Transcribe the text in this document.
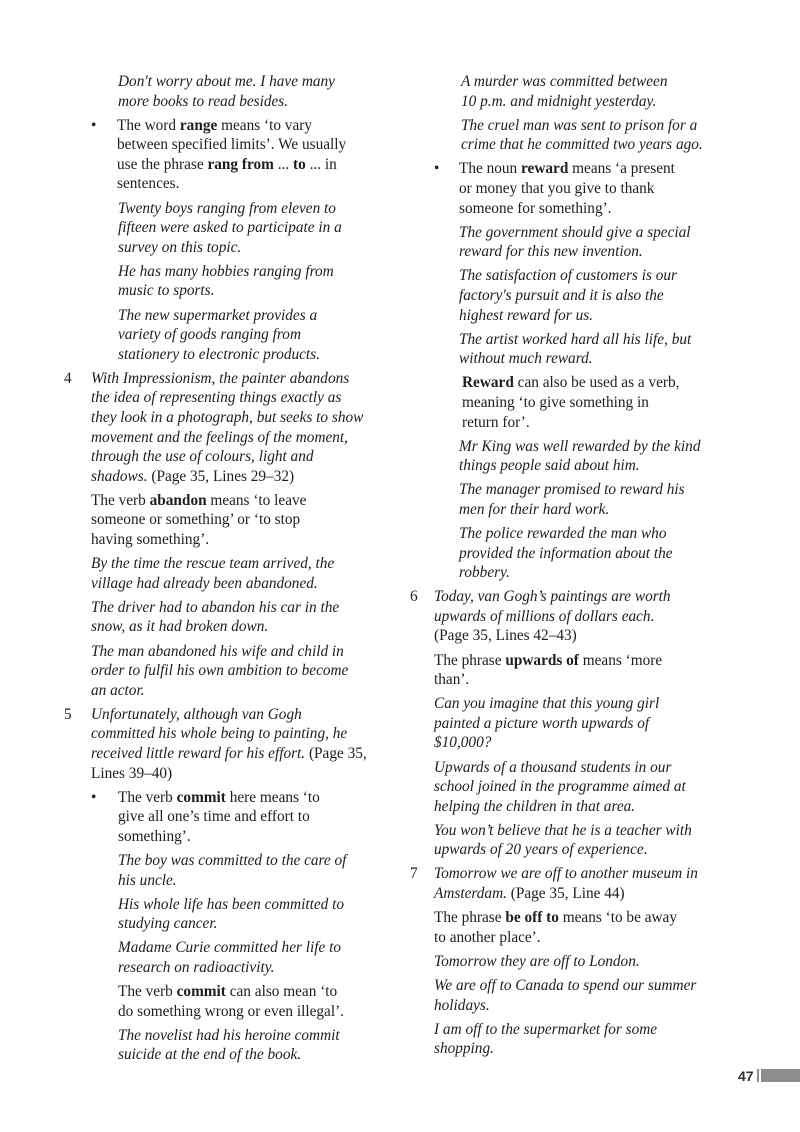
Don't worry about me. I have many
more books to read besides.

• The word range means ‘to vary
between specified limits’. We usually
use the phrase rang from ... to ... in
sentences.

Twenty boys ranging from eleven to
fifteen were asked to participate in a
survey on this topic.

He has many hobbies ranging from
music to sports.

The new supermarket provides a
variety of goods ranging from
stationery to electronic products.

4 With Impressionism, the painter abandons
the idea of representing things exactly as
they look in a photograph, but seeks to show
movement and the feelings of the moment,
through the use of colours, light and
shadows. (Page 35, Lines 29–32)

The verb abandon means ‘to leave
someone or something’ or ‘to stop
having something’.

By the time the rescue team arrived, the
village had already been abandoned.

The driver had to abandon his car in the
snow, as it had broken down.

The man abandoned his wife and child in
order to fulfil his own ambition to become
an actor.

5 Unfortunately, although van Gogh
committed his whole being to painting, he
received little reward for his effort. (Page 35,
Lines 39–40)
• The verb commit here means ‘to
give all one’s time and effort to
something’.

The boy was committed to the care of
his uncle.

His whole life has been committed to
studying cancer.

Madame Curie committed her life to
research on radioactivity.

The verb commit can also mean ‘to
do something wrong or even illegal’.

The novelist had his heroine commit
suicide at the end of the book.

A murder was committed between
10 p.m. and midnight yesterday.

The cruel man was sent to prison for a
crime that he committed two years ago.

• The noun reward means ‘a present
or money that you give to thank
someone for something’.

The government should give a special
reward for this new invention.

The satisfaction of customers is our
factory's pursuit and it is also the
highest reward for us.

The artist worked hard all his life, but
without much reward.

Reward can also be used as a verb,
meaning ‘to give something in
return for’.

Mr King was well rewarded by the kind
things people said about him.

The manager promised to reward his
men for their hard work.

The police rewarded the man who
provided the information about the
robbery.

6 Today, van Gogh’s paintings are worth
upwards of millions of dollars each.
(Page 35, Lines 42–43)

The phrase upwards of means ‘more
than’.

Can you imagine that this young girl
painted a picture worth upwards of
$10,000?

Upwards of a thousand students in our
school joined in the programme aimed at
helping the children in that area.

You won’t believe that he is a teacher with
upwards of 20 years of experience.

7 Tomorrow we are off to another museum in
Amsterdam. (Page 35, Line 44)

The phrase be off to means ‘to be away
to another place’.

Tomorrow they are off to London.

We are off to Canada to spend our summer
holidays.

I am off to the supermarket for some
shopping.

47
